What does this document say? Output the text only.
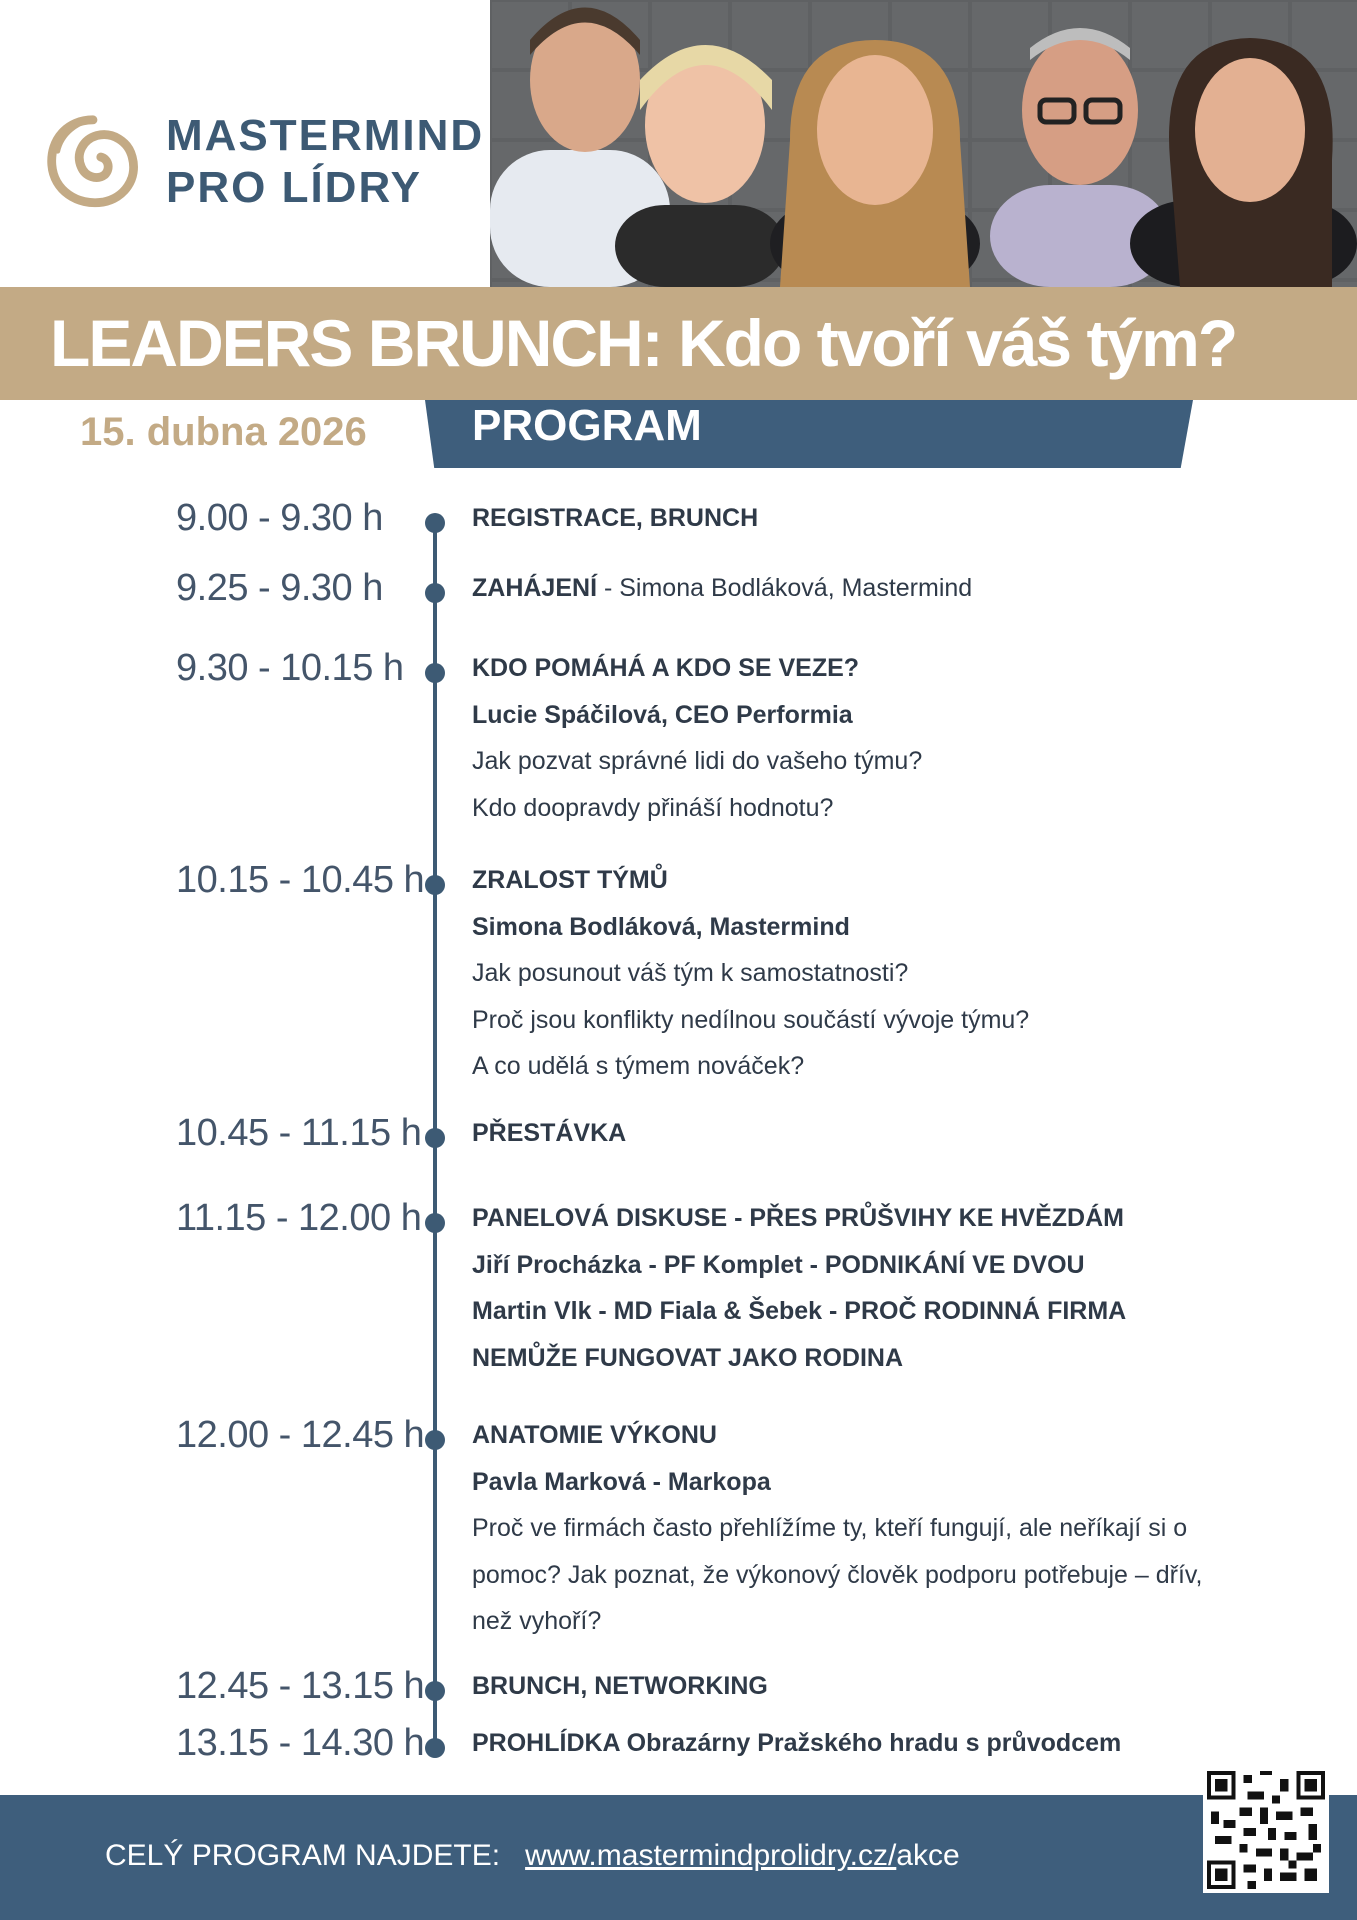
MASTERMIND
PRO LÍDRY
LEADERS BRUNCH: Kdo tvoří váš tým?
15. dubna 2026 PROGRAM
9.00 - 9.30 h	REGISTRACE, BRUNCH
9.25 - 9.30 h	ZAHÁJENÍ - Simona Bodláková, Mastermind
9.30 - 10.15 h	KDO POMÁHÁ A KDO SE VEZE?
Lucie Spáčilová, CEO Performia
Jak pozvat správné lidi do vašeho týmu?
Kdo doopravdy přináší hodnotu?
10.15 - 10.45 h ZRALOST TÝMŮ
Simona Bodláková, Mastermind
Jak posunout váš tým k samostatnosti?
Proč jsou konflikty nedílnou součástí vývoje týmu?
A co udělá s týmem nováček?
10.45 - 11.15 h PŘESTÁVKA
11.15 - 12.00 h PANELOVÁ DISKUSE - PŘES PRŮŠVIHY KE HVĚZDÁM
Jiří Procházka - PF Komplet - PODNIKÁNÍ VE DVOU
Martin Vlk - MD Fiala & Šebek - PROČ RODINNÁ FIRMA
NEMŮŽE FUNGOVAT JAKO RODINA
12.00 - 12.45 h ANATOMIE VÝKONU
Pavla Marková - Markopa
Proč ve firmách často přehlížíme ty, kteří fungují, ale neříkají si o
pomoc? Jak poznat, že výkonový člověk podporu potřebuje – dřív,
než vyhoří?
12.45 - 13.15 h BRUNCH, NETWORKING
13.15 - 14.30 h PROHLÍDKA Obrazárny Pražského hradu s průvodcem
CELÝ PROGRAM NAJDETE: www.mastermindprolidry.cz/akce
